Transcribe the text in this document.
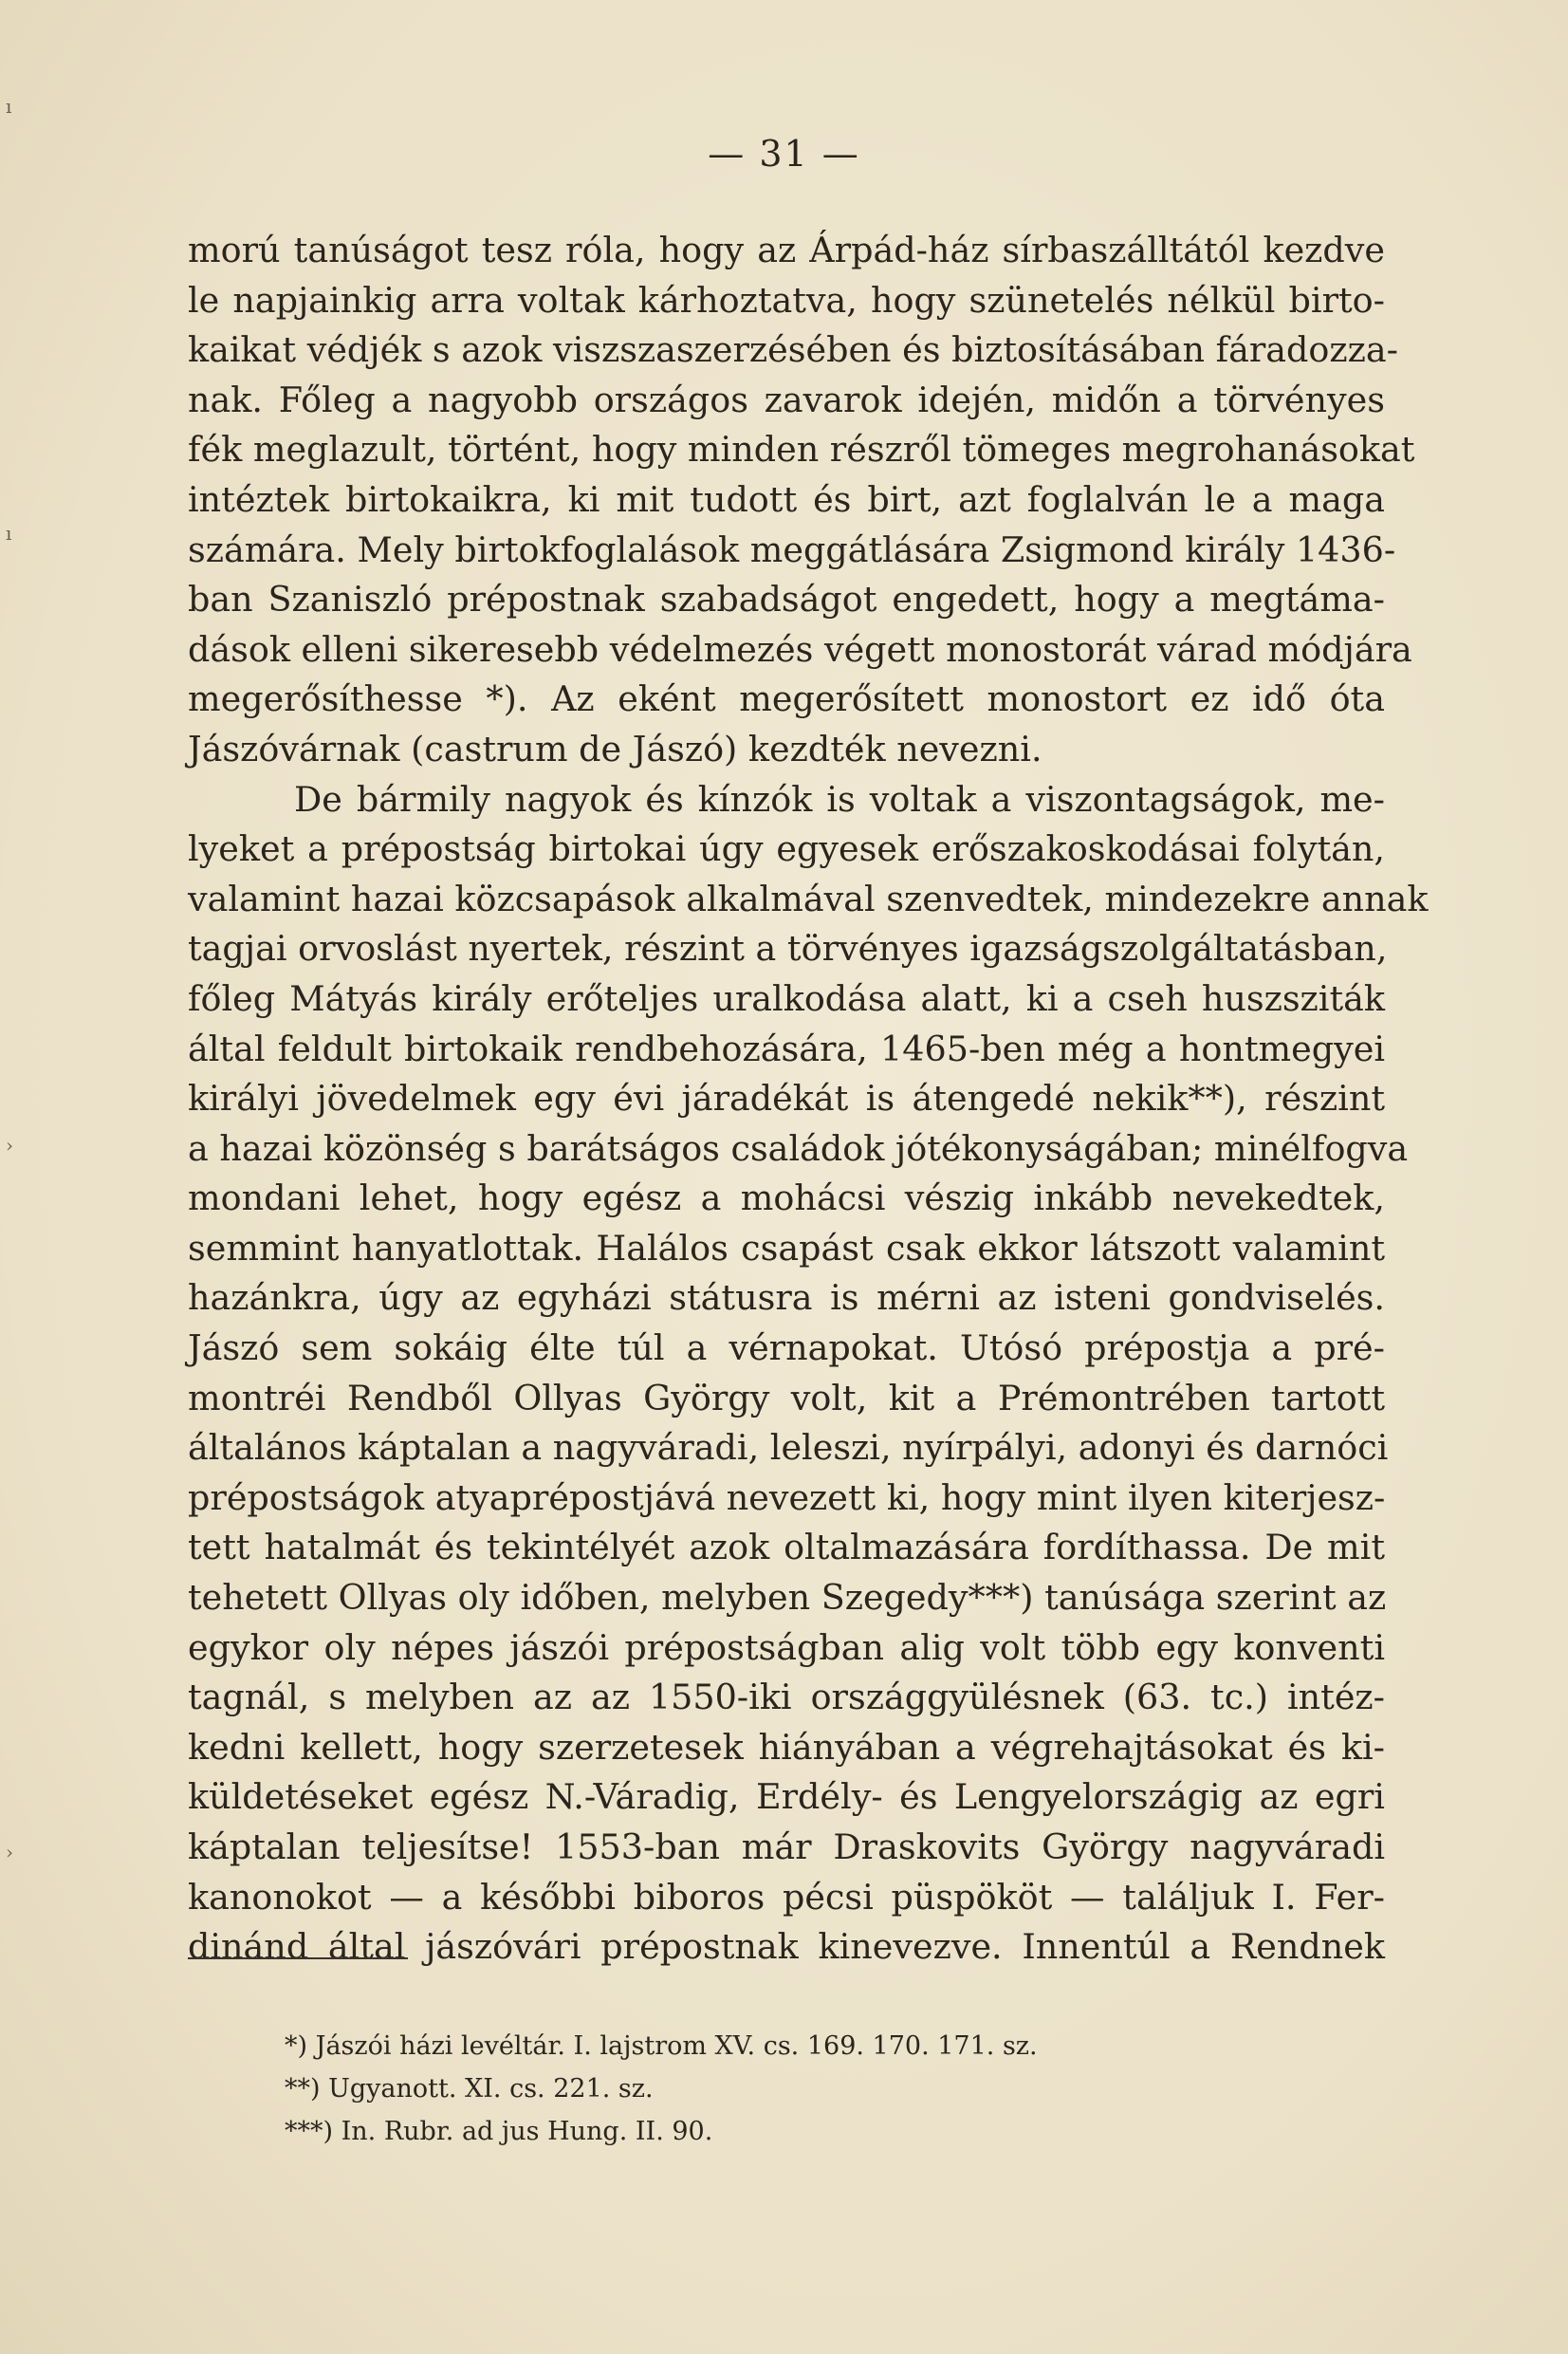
— 31 —
morú tanúságot tesz róla, hogy az Árpád-ház sírbaszálltától kezdve
le napjainkig arra voltak kárhoztatva, hogy szünetelés nélkül birto-
kaikat védjék s azok viszszaszerzésében és biztosításában fáradozza-
nak. Főleg a nagyobb országos zavarok idején, midőn a törvényes
fék meglazult, történt, hogy minden részről tömeges megrohanásokat
intéztek birtokaikra, ki mit tudott és birt, azt foglalván le a maga
számára. Mely birtokfoglalások meggátlására Zsigmond király 1436-
ban Szaniszló prépostnak szabadságot engedett, hogy a megtáma-
dások elleni sikeresebb védelmezés végett monostorát várad módjára
megerősíthesse *). Az eként megerősített monostort ez idő óta
Jászóvárnak (castrum de Jászó) kezdték nevezni.
De bármily nagyok és kínzók is voltak a viszontagságok, me-
lyeket a prépostság birtokai úgy egyesek erőszakoskodásai folytán,
valamint hazai közcsapások alkalmával szenvedtek, mindezekre annak
tagjai orvoslást nyertek, részint a törvényes igazságszolgáltatásban,
főleg Mátyás király erőteljes uralkodása alatt, ki a cseh huszsziták
által feldult birtokaik rendbehozására, 1465-ben még a hontmegyei
királyi jövedelmek egy évi járadékát is átengedé nekik**), részint
a hazai közönség s barátságos családok jótékonyságában; minélfogva
mondani lehet, hogy egész a mohácsi vészig inkább nevekedtek,
semmint hanyatlottak. Halálos csapást csak ekkor látszott valamint
hazánkra, úgy az egyházi státusra is mérni az isteni gondviselés.
Jászó sem sokáig élte túl a vérnapokat. Utósó prépostja a pré-
montréi Rendből Ollyas György volt, kit a Prémontrében tartott
általános káptalan a nagyváradi, leleszi, nyírpályi, adonyi és darnóci
prépostságok atyaprépostjává nevezett ki, hogy mint ilyen kiterjesz-
tett hatalmát és tekintélyét azok oltalmazására fordíthassa. De mit
tehetett Ollyas oly időben, melyben Szegedy***) tanúsága szerint az
egykor oly népes jászói prépostságban alig volt több egy konventi
tagnál, s melyben az az 1550-iki országgyülésnek (63. tc.) intéz-
kedni kellett, hogy szerzetesek hiányában a végrehajtásokat és ki-
küldetéseket egész N.-Váradig, Erdély- és Lengyelországig az egri
káptalan teljesítse! 1553-ban már Draskovits György nagyváradi
kanonokot — a későbbi biboros pécsi püspököt — találjuk I. Fer-
dinánd által jászóvári prépostnak kinevezve. Innentúl a Rendnek
*) Jászói házi levéltár. I. lajstrom XV. cs. 169. 170. 171. sz.
**) Ugyanott. XI. cs. 221. sz.
***) In. Rubr. ad jus Hung. II. 90.
ı
ı
›
›
